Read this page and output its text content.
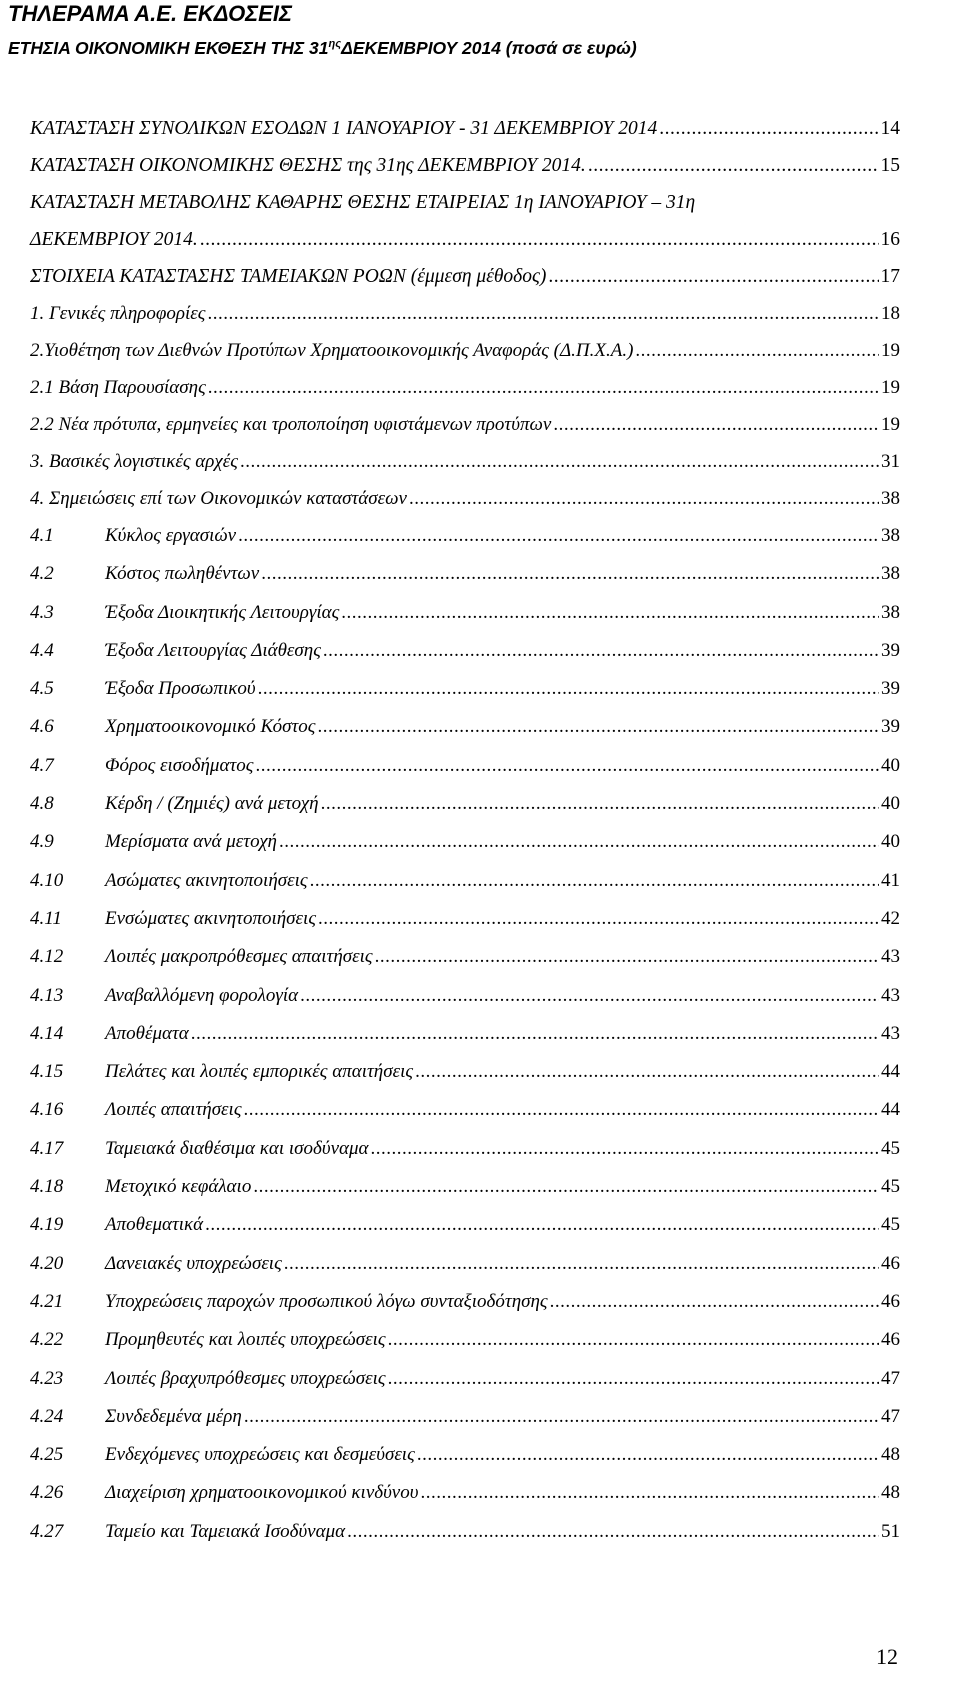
ΤΗΛΕΡΑΜΑ Α.Ε. ΕΚΔΟΣΕΙΣ
ΕΤΗΣΙΑ ΟΙΚΟΝΟΜΙΚΗ ΕΚΘΕΣΗ ΤΗΣ $31^{\eta\varsigma}\Delta EKEMBPIO\Upsilon$ 2014 (ποσά σε ευρώ)
ΚΑΤΑΣΤΑΣΗ ΣΥΝΟΛΙΚΩΝ ΕΣΟΔΩΝ 1 ΙΑΝΟΥΑΡΙΟΥ - 31 ΔΕΚΕΜΒΡΙΟΥ 2014 .....	14
ΚΑΤΑΣΤΑΣΗ ΟΙΚΟΝΟΜΙΚΗΣ ΘΕΣΗΣ της 31ης ΔΕΚΕΜΒΡΙΟΥ 2014. .....	15
ΚΑΤΑΣΤΑΣΗ ΜΕΤΑΒΟΛΗΣ ΚΑΘΑΡΗΣ ΘΕΣΗΣ ΕΤΑΙΡΕΙΑΣ 1η ΙΑΝΟΥΑΡΙΟΥ – 31η
ΔΕΚΕΜΒΡΙΟΥ 2014. .....	16
ΣΤΟΙΧΕΙΑ ΚΑΤΑΣΤΑΣΗΣ ΤΑΜΕΙΑΚΩΝ ΡΟΩΝ (έμμεση μέθοδος) .....	17
1. Γενικές πληροφορίες .....	18
2.Υιοθέτηση των Διεθνών Προτύπων Χρηματοοικονομικής Αναφοράς (Δ.Π.Χ.Α.) .....	19
2.1 Βάση Παρουσίασης .....	19
2.2 Νέα πρότυπα, ερμηνείες και τροποποίηση υφιστάμενων προτύπων .....	19
3. Βασικές λογιστικές αρχές .....	31
4. Σημειώσεις επί των Οικονομικών καταστάσεων .....	38
4.1	Κύκλος εργασιών .....	38
4.2	Κόστος πωληθέντων .....	38
4.3	Έξοδα Διοικητικής Λειτουργίας .....	38
4.4	Έξοδα Λειτουργίας Διάθεσης .....	39
4.5	Έξοδα Προσωπικού .....	39
4.6	Χρηματοοικονομικό Κόστος .....	39
4.7	Φόρος εισοδήματος .....	40
4.8	Κέρδη / (Ζημιές) ανά μετοχή .....	40
4.9	Μερίσματα ανά μετοχή .....	40
4.10	Ασώματες ακινητοποιήσεις .....	41
4.11	Ενσώματες ακινητοποιήσεις .....	42
4.12	Λοιπές μακροπρόθεσμες απαιτήσεις .....	43
4.13	Αναβαλλόμενη φορολογία .....	43
4.14	Αποθέματα .....	43
4.15	Πελάτες και λοιπές εμπορικές απαιτήσεις .....	44
4.16	Λοιπές απαιτήσεις .....	44
4.17	Ταμειακά διαθέσιμα και ισοδύναμα .....	45
4.18	Μετοχικό κεφάλαιο .....	45
4.19	Αποθεματικά .....	45
4.20	Δανειακές υποχρεώσεις .....	46
4.21	Υποχρεώσεις παροχών προσωπικού λόγω συνταξιοδότησης .....	46
4.22	Προμηθευτές και λοιπές υποχρεώσεις .....	46
4.23	Λοιπές βραχυπρόθεσμες υποχρεώσεις .....	47
4.24	Συνδεδεμένα μέρη .....	47
4.25	Ενδεχόμενες υποχρεώσεις και δεσμεύσεις .....	48
4.26	Διαχείριση χρηματοοικονομικού κινδύνου .....	48
4.27	Ταμείο και Ταμειακά Ισοδύναμα .....	51
12
